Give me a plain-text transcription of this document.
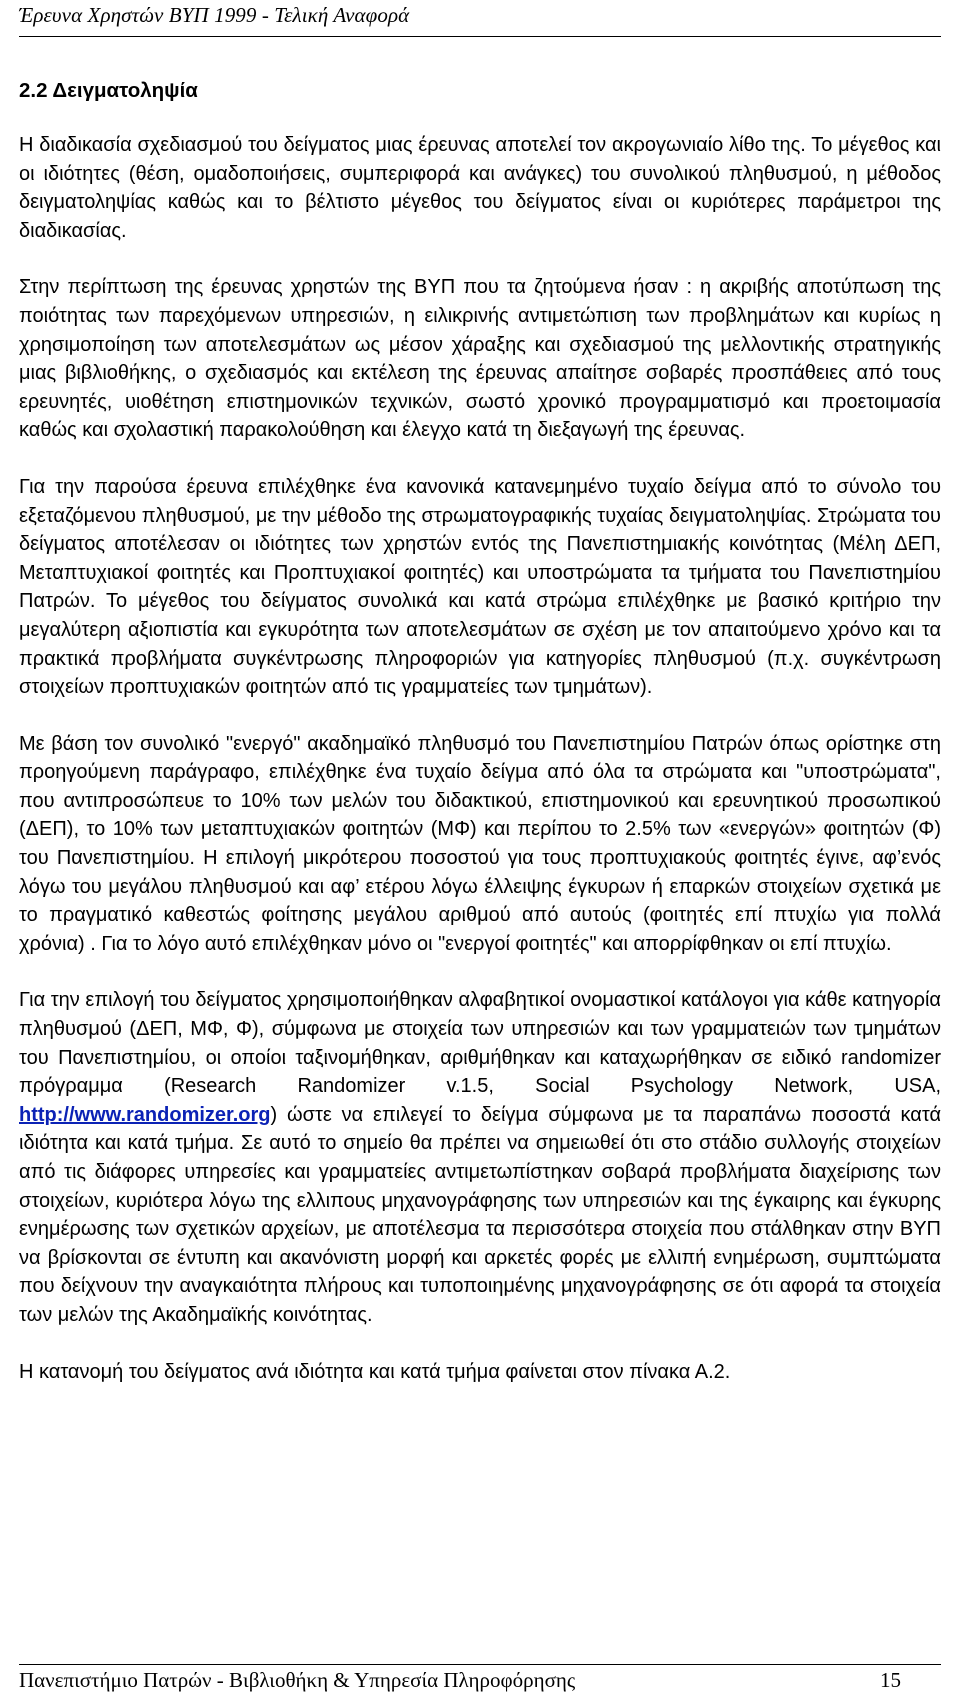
Έρευνα Χρηστών ΒΥΠ 1999 - Τελική Αναφορά
2.2 Δειγματοληψία

Η διαδικασία σχεδιασμού του δείγματος μιας έρευνας αποτελεί τον ακρογωνιαίο λίθο της. Το μέγεθος και οι ιδιότητες (θέση, ομαδοποιήσεις, συμπεριφορά και ανάγκες) του συνολικού πληθυσμού, η μέθοδος δειγματοληψίας καθώς και το βέλτιστο μέγεθος του δείγματος είναι οι κυριότερες παράμετροι της διαδικασίας.

Στην περίπτωση της έρευνας χρηστών της ΒΥΠ που τα ζητούμενα ήσαν : η ακριβής αποτύπωση της ποιότητας των παρεχόμενων υπηρεσιών, η ειλικρινής αντιμετώπιση των προβλημάτων και κυρίως η χρησιμοποίηση των αποτελεσμάτων ως μέσον χάραξης και σχεδιασμού της μελλοντικής στρατηγικής μιας βιβλιοθήκης, ο σχεδιασμός και εκτέλεση της έρευνας απαίτησε σοβαρές προσπάθειες από τους ερευνητές, υιοθέτηση επιστημονικών τεχνικών, σωστό χρονικό προγραμματισμό και προετοιμασία καθώς και σχολαστική παρακολούθηση και έλεγχο κατά τη διεξαγωγή της έρευνας.

Για την παρούσα έρευνα επιλέχθηκε ένα κανονικά κατανεμημένο τυχαίο δείγμα από το σύνολο του εξεταζόμενου πληθυσμού, με την μέθοδο της στρωματογραφικής τυχαίας δειγματοληψίας. Στρώματα του δείγματος αποτέλεσαν οι ιδιότητες των χρηστών εντός της Πανεπιστημιακής κοινότητας (Μέλη ΔΕΠ, Μεταπτυχιακοί φοιτητές και Προπτυχιακοί φοιτητές) και υποστρώματα τα τμήματα του Πανεπιστημίου Πατρών. Το μέγεθος του δείγματος συνολικά και κατά στρώμα επιλέχθηκε με βασικό κριτήριο την μεγαλύτερη αξιοπιστία και εγκυρότητα των αποτελεσμάτων σε σχέση με τον απαιτούμενο χρόνο και τα πρακτικά προβλήματα συγκέντρωσης πληροφοριών για κατηγορίες πληθυσμού (π.χ. συγκέντρωση στοιχείων προπτυχιακών φοιτητών από τις γραμματείες των τμημάτων).

Με βάση τον συνολικό "ενεργό" ακαδημαϊκό πληθυσμό του Πανεπιστημίου Πατρών όπως ορίστηκε στη προηγούμενη παράγραφο, επιλέχθηκε ένα τυχαίο δείγμα από όλα τα στρώματα και "υποστρώματα", που αντιπροσώπευε το 10% των μελών του διδακτικού, επιστημονικού και ερευνητικού προσωπικού (ΔΕΠ), το 10% των μεταπτυχιακών φοιτητών (ΜΦ) και περίπου το 2.5% των «ενεργών» φοιτητών (Φ) του Πανεπιστημίου. Η επιλογή μικρότερου ποσοστού για τους προπτυχιακούς φοιτητές έγινε, αφ’ενός λόγω του μεγάλου πληθυσμού και αφ’ ετέρου λόγω έλλειψης έγκυρων ή επαρκών στοιχείων σχετικά με το πραγματικό καθεστώς φοίτησης μεγάλου αριθμού από αυτούς (φοιτητές επί πτυχίω για πολλά χρόνια) . Για το λόγο αυτό επιλέχθηκαν μόνο οι "ενεργοί φοιτητές" και απορρίφθηκαν οι επί πτυχίω.

Για την επιλογή του δείγματος χρησιμοποιήθηκαν αλφαβητικοί ονομαστικοί κατάλογοι για κάθε κατηγορία πληθυσμού (ΔΕΠ, ΜΦ, Φ), σύμφωνα με στοιχεία των υπηρεσιών και των γραμματειών των τμημάτων του Πανεπιστημίου, οι οποίοι ταξινομήθηκαν, αριθμήθηκαν και καταχωρήθηκαν σε ειδικό randomizer πρόγραμμα (Research Randomizer v.1.5, Social Psychology Network, USA, http://www.randomizer.org) ώστε να επιλεγεί το δείγμα σύμφωνα με τα παραπάνω ποσοστά κατά ιδιότητα και κατά τμήμα. Σε αυτό το σημείο θα πρέπει να σημειωθεί ότι στο στάδιο συλλογής στοιχείων από τις διάφορες υπηρεσίες και γραμματείες αντιμετωπίστηκαν σοβαρά προβλήματα διαχείρισης των στοιχείων, κυριότερα λόγω της ελλιπους μηχανογράφησης των υπηρεσιών και της έγκαιρης και έγκυρης ενημέρωσης των σχετικών αρχείων, με αποτέλεσμα τα περισσότερα στοιχεία που στάλθηκαν στην ΒΥΠ να βρίσκονται σε έντυπη και ακανόνιστη μορφή και αρκετές φορές με ελλιπή ενημέρωση, συμπτώματα που δείχνουν την αναγκαιότητα πλήρους και τυποποιημένης μηχανογράφησης σε ότι αφορά τα στοιχεία των μελών της Ακαδημαϊκής κοινότητας.

Η κατανομή του δείγματος ανά ιδιότητα και κατά τμήμα φαίνεται στον πίνακα Α.2.

Πανεπιστήμιο Πατρών - Βιβλιοθήκη & Υπηρεσία Πληροφόρησης	15
